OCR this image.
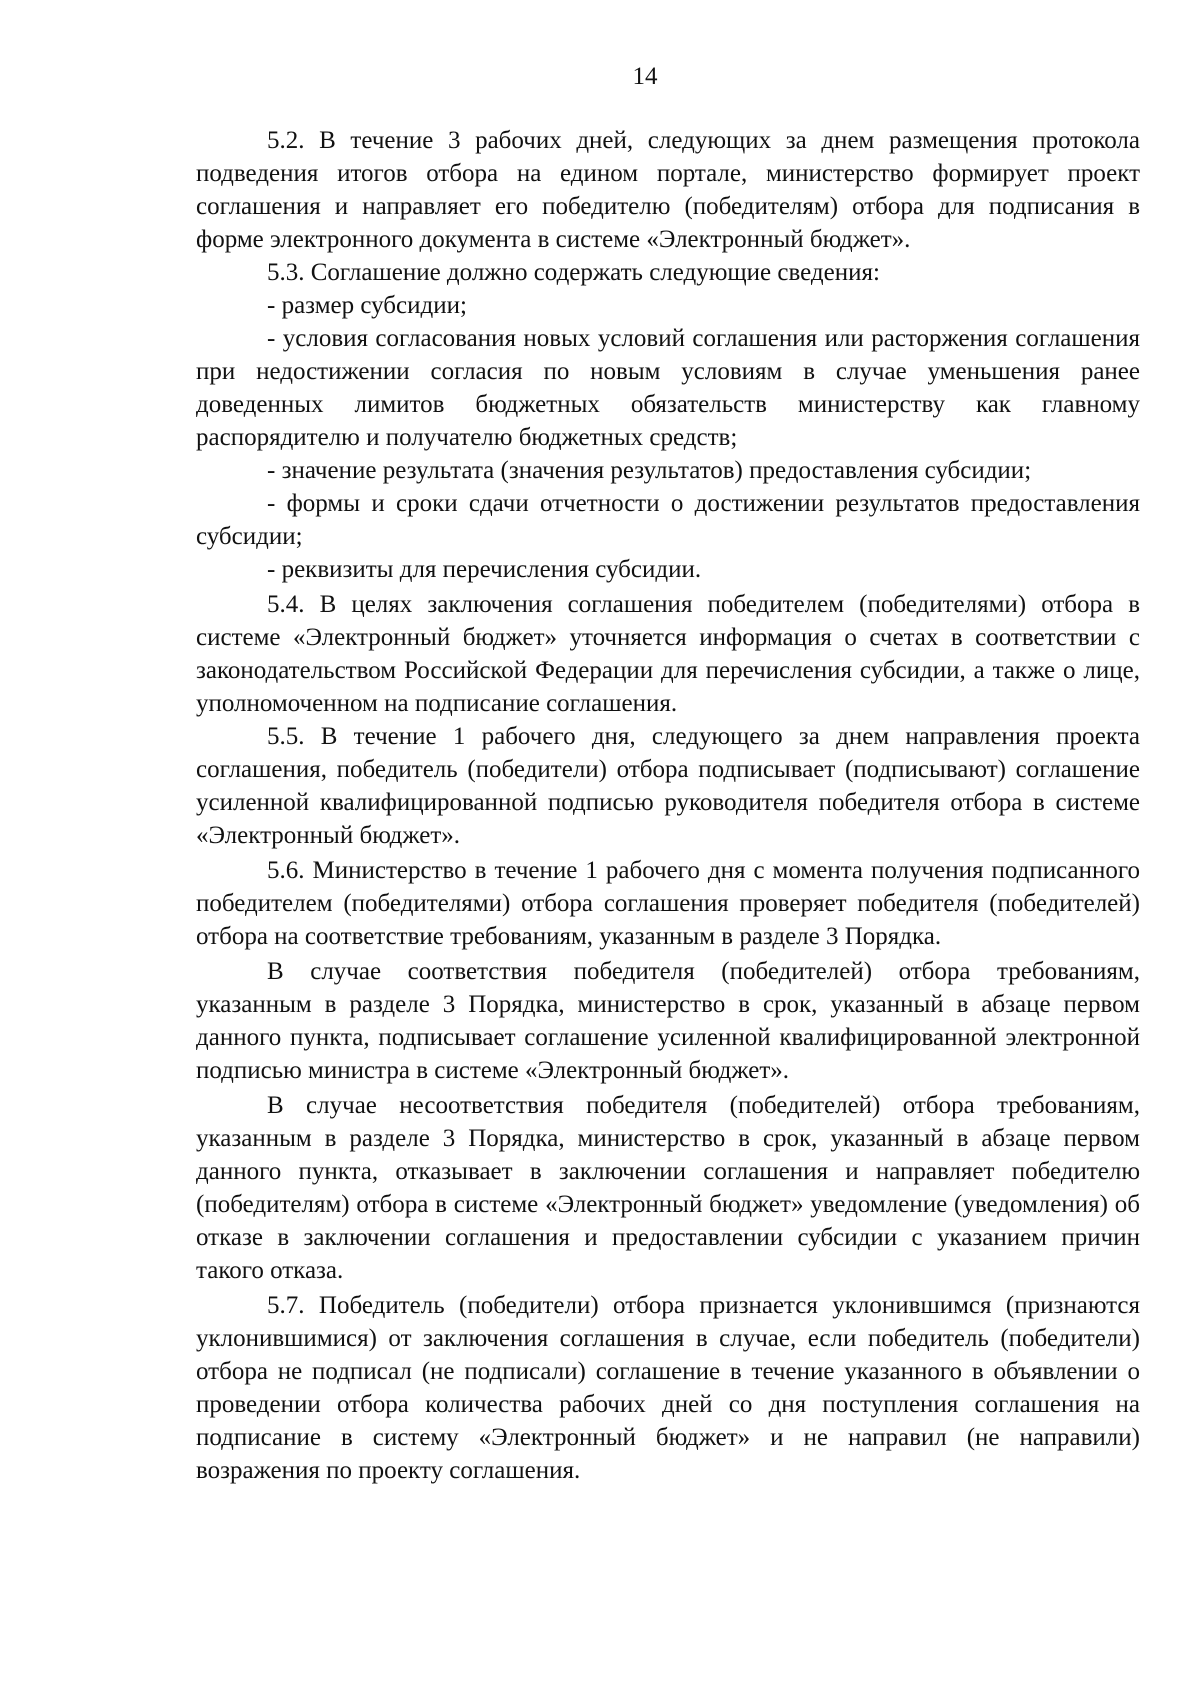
14

5.2. В течение 3 рабочих дней, следующих за днем размещения протокола подведения итогов отбора на едином портале, министерство формирует проект соглашения и направляет его победителю (победителям) отбора для подписания в форме электронного документа в системе «Электронный бюджет».

5.3. Соглашение должно содержать следующие сведения:

- размер субсидии;

- условия согласования новых условий соглашения или расторжения соглашения при недостижении согласия по новым условиям в случае уменьшения ранее доведенных лимитов бюджетных обязательств министерству как главному распорядителю и получателю бюджетных средств;

- значение результата (значения результатов) предоставления субсидии;

- формы и сроки сдачи отчетности о достижении результатов предоставления субсидии;

- реквизиты для перечисления субсидии.

5.4. В целях заключения соглашения победителем (победителями) отбора в системе «Электронный бюджет» уточняется информация о счетах в соответствии с законодательством Российской Федерации для перечисления субсидии, а также о лице, уполномоченном на подписание соглашения.

5.5. В течение 1 рабочего дня, следующего за днем направления проекта соглашения, победитель (победители) отбора подписывает (подписывают) соглашение усиленной квалифицированной подписью руководителя победителя отбора в системе «Электронный бюджет».

5.6. Министерство в течение 1 рабочего дня с момента получения подписанного победителем (победителями) отбора соглашения проверяет победителя (победителей) отбора на соответствие требованиям, указанным в разделе 3 Порядка.

В случае соответствия победителя (победителей) отбора требованиям, указанным в разделе 3 Порядка, министерство в срок, указанный в абзаце первом данного пункта, подписывает соглашение усиленной квалифицированной электронной подписью министра в системе «Электронный бюджет».

В случае несоответствия победителя (победителей) отбора требованиям, указанным в разделе 3 Порядка, министерство в срок, указанный в абзаце первом данного пункта, отказывает в заключении соглашения и направляет победителю (победителям) отбора в системе «Электронный бюджет» уведомление (уведомления) об отказе в заключении соглашения и предоставлении субсидии с указанием причин такого отказа.

5.7. Победитель (победители) отбора признается уклонившимся (признаются уклонившимися) от заключения соглашения в случае, если победитель (победители) отбора не подписал (не подписали) соглашение в течение указанного в объявлении о проведении отбора количества рабочих дней со дня поступления соглашения на подписание в систему «Электронный бюджет» и не направил (не направили) возражения по проекту соглашения.
